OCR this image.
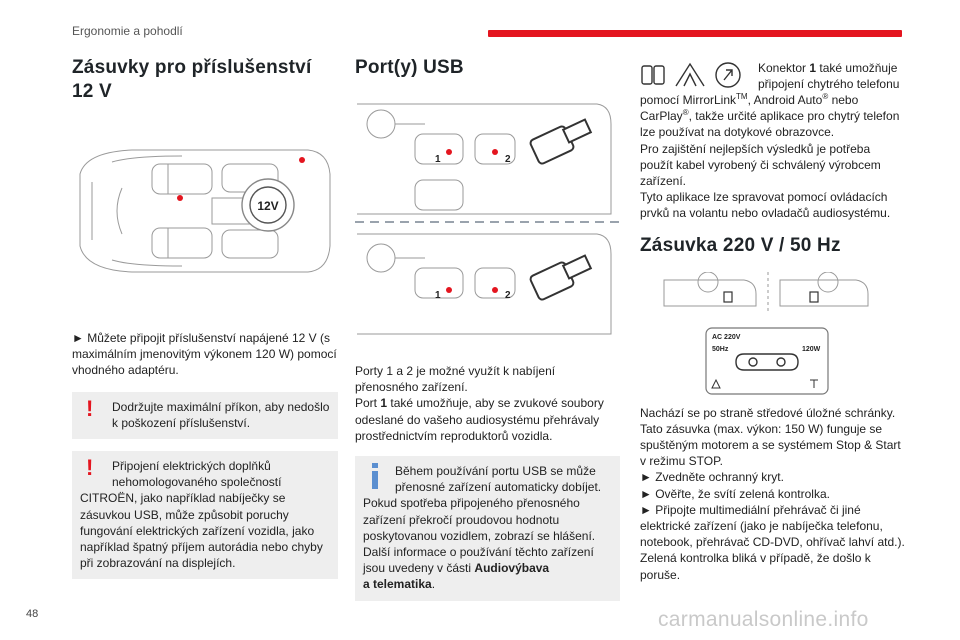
Ergonomie a pohodlí
Zásuvky pro příslušenství
12 V
12V

► Můžete připojit příslušenství napájené 12 V (s maximálním jmenovitým výkonem 120 W) pomocí vhodného adaptéru.

!	Dodržujte maximální příkon, aby nedošlo
k poškození příslušenství.
!	Připojení elektrických doplňků
nehomologovaného společností
CITROËN, jako například nabíječky se zásuvkou USB, může způsobit poruchy fungování elektrických zařízení vozidla, jako například špatný příjem autorádia nebo chyby při zobrazování na displejích.
Port(y) USB
1	2
1	2

Porty 1 a 2 je možné využít k nabíjení přenosného zařízení.

Port 1 také umožňuje, aby se zvukové soubory odeslané do vašeho audiosystému přehrávaly prostřednictvím reproduktorů vozidla.

Během používání portu USB se může
přenosné zařízení automaticky dobíjet.
Pokud spotřeba připojeného přenosného zařízení překročí proudovou hodnotu poskytovanou vozidlem, zobrazí se hlášení. Další informace o používání těchto zařízení jsou uvedeny v části Audiovýbava
a telematika.
Konektor 1 také umožňuje
připojení chytrého telefonu

pomocí MirrorLink™, Android Auto® nebo CarPlay®, takže určité aplikace pro chytrý telefon lze používat na dotykové obrazovce.

Pro zajištění nejlepších výsledků je potřeba použít kabel vyrobený či schválený výrobcem zařízení.

Tyto aplikace lze spravovat pomocí ovládacích prvků na volantu nebo ovladačů audiosystému.

Zásuvka 220 V / 50 Hz
AC 220V
50Hz	120W

Nachází se po straně středové úložné schránky.

Tato zásuvka (max. výkon: 150 W) funguje se spuštěným motorem a se systémem Stop & Start v režimu STOP.

► Zvedněte ochranný kryt.

► Ověřte, že svítí zelená kontrolka.

► Připojte multimediální přehrávač či jiné elektrické zařízení (jako je nabíječka telefonu, notebook, přehrávač CD-DVD, ohřívač lahví atd.).

Zelená kontrolka bliká v případě, že došlo k poruše.

48	carmanualsonline.info
